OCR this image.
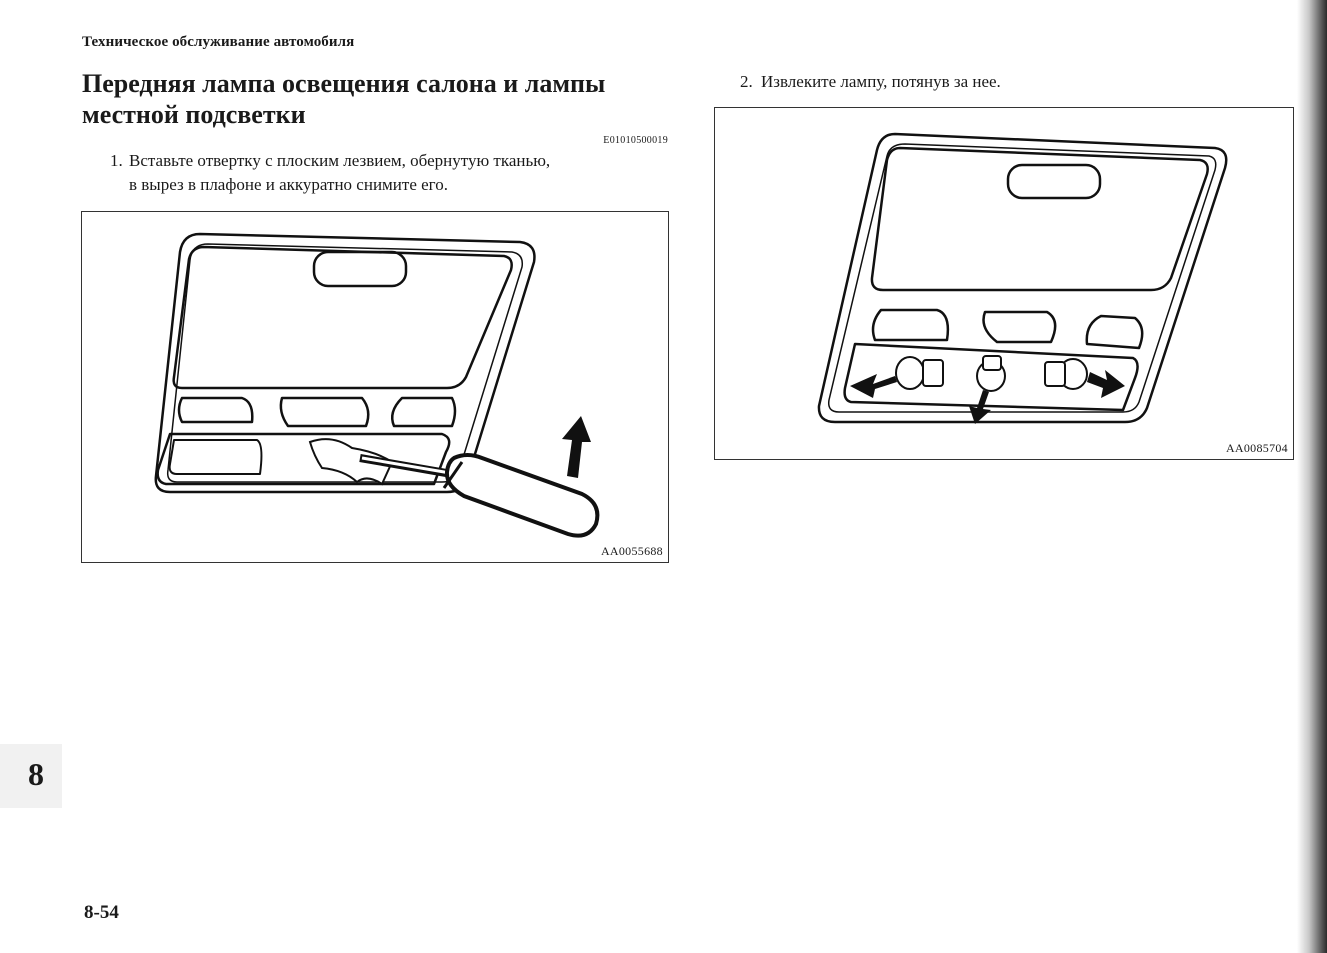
Техническое обслуживание автомобиля
Передняя лампа освещения салона и лампы
местной подсветки
E01010500019
1. Вставьте отвертку с плоским лезвием, обернутую тканью,
в вырез в плафоне и аккуратно снимите его.
2. Извлеките лампу, потянув за нее.
AA0055688
AA0085704
8
8-54
